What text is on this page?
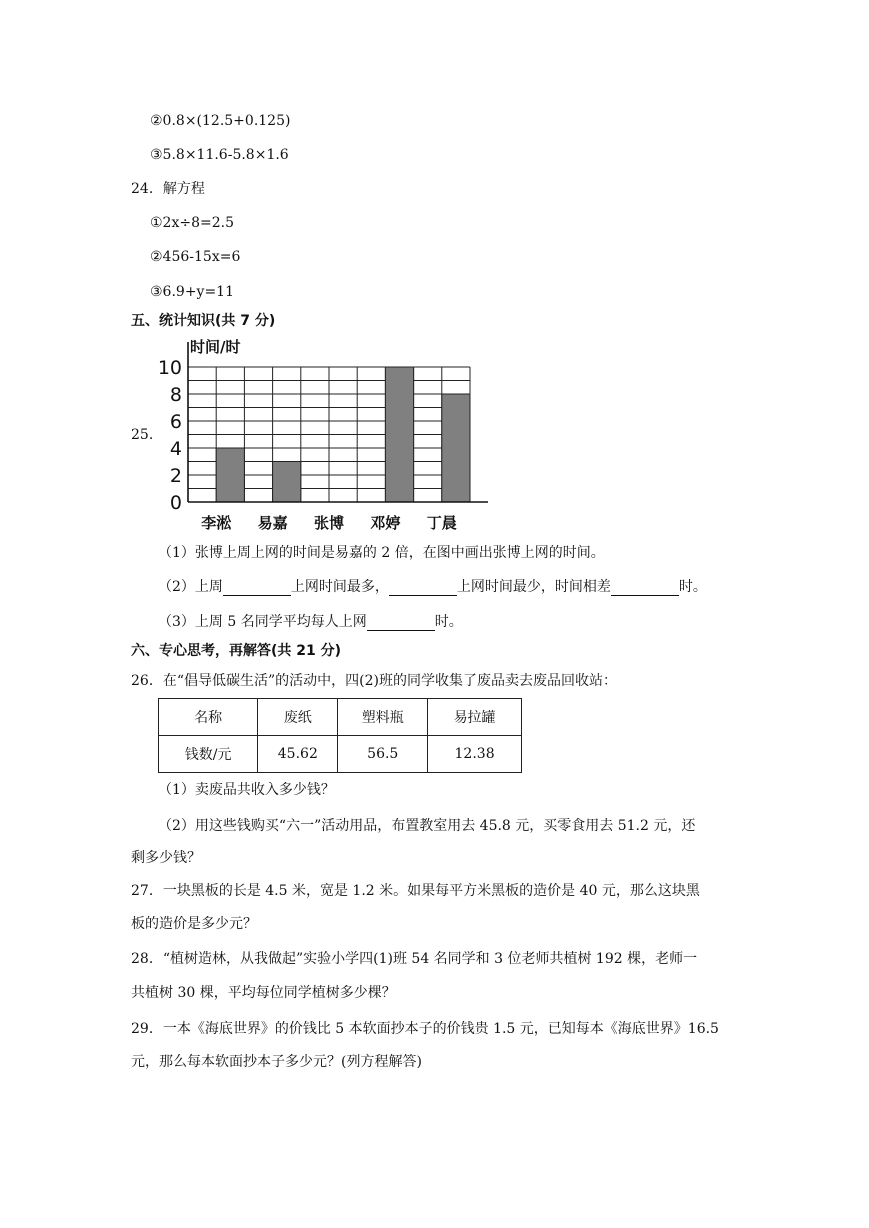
②0.8×(12.5+0.125)
③5.8×11.6-5.8×1.6
24．解方程
①2x÷8=2.5
②456-15x=6
③6.9+y=11
五、统计知识(共 7 分)
25.
0
2
4
6
8
10
李淞 易嘉 张博 邓婷 丁晨
时间/时
（1）张博上周上网的时间是易嘉的 2 倍，在图中画出张博上网的时间。
（2）上周	上网时间最多，	上网时间最少，时间相差	时。
（3）上周 5 名同学平均每人上网	时。
六、专心思考，再解答(共 21 分)
26．在“倡导低碳生活”的活动中，四(2)班的同学收集了废品卖去废品回收站：
名称	废纸	塑料瓶	易拉罐
钱数/元	45.62	56.5	12.38
（1）卖废品共收入多少钱？
（2）用这些钱购买“六一”活动用品，布置教室用去 45.8 元，买零食用去 51.2 元，还
剩多少钱？
27．一块黑板的长是 4.5 米，宽是 1.2 米。如果每平方米黑板的造价是 40 元，那么这块黑
板的造价是多少元？
28．“植树造林，从我做起”实验小学四(1)班 54 名同学和 3 位老师共植树 192 棵，老师一
共植树 30 棵，平均每位同学植树多少棵？
29．一本《海底世界》的价钱比 5 本软面抄本子的价钱贵 1.5 元，已知每本《海底世界》16.5
元，那么每本软面抄本子多少元？(列方程解答)
